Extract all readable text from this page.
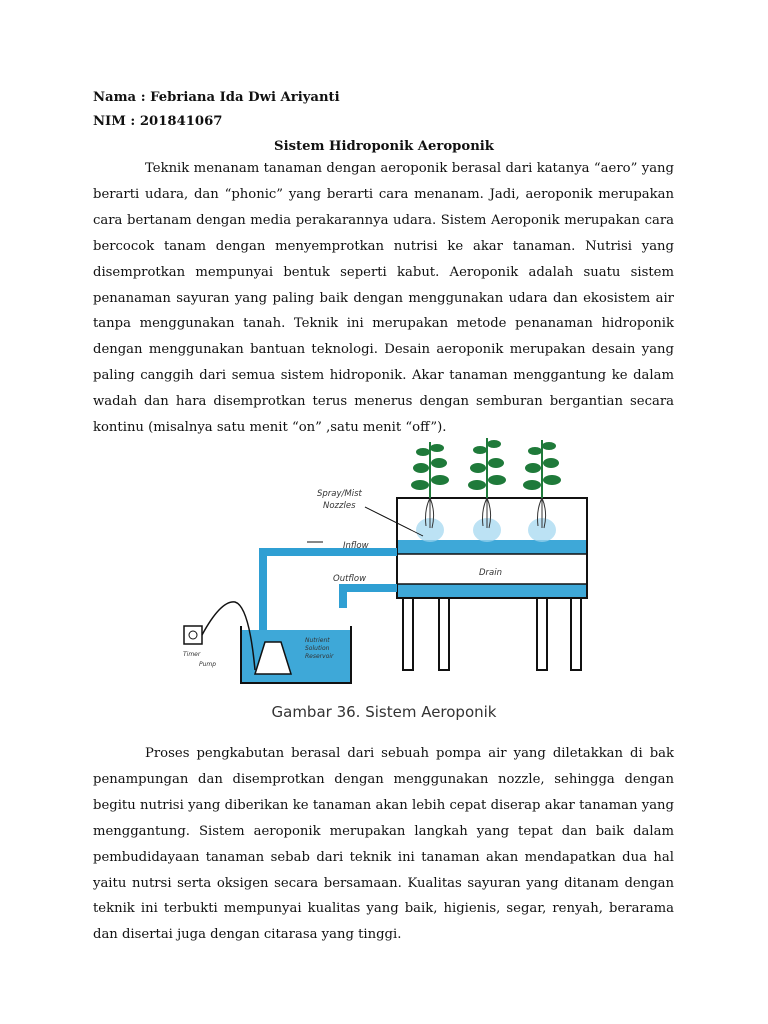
Nama : Febriana Ida Dwi Ariyanti
NIM : 201841067
Sistem Hidroponik Aeroponik

Teknik menanam tanaman dengan aeroponik berasal dari katanya “aero” yang berarti udara, dan “phonic” yang berarti cara menanam. Jadi, aeroponik merupakan cara bertanam dengan media perakarannya udara. Sistem Aeroponik merupakan cara bercocok tanam dengan menyemprotkan nutrisi ke akar tanaman. Nutrisi yang disemprotkan mempunyai bentuk seperti kabut. Aeroponik adalah suatu sistem penanaman sayuran yang paling baik dengan menggunakan udara dan ekosistem air tanpa menggunakan tanah. Teknik ini merupakan metode penanaman hidroponik dengan menggunakan bantuan teknologi. Desain aeroponik merupakan desain yang paling canggih dari semua sistem hidroponik. Akar tanaman menggantung ke dalam wadah dan hara disemprotkan terus menerus dengan semburan bergantian secara kontinu (misalnya satu menit “on” ,satu menit “off”).

Spray/Mist
Nozzles
Inflow
Outflow
Drain
Timer
Pump
Nutrient
Solution
Reservoir
Gambar 36. Sistem Aeroponik

Proses pengkabutan berasal dari sebuah pompa air yang diletakkan di bak penampungan dan disemprotkan dengan menggunakan nozzle, sehingga dengan begitu nutrisi yang diberikan ke tanaman akan lebih cepat diserap akar tanaman yang menggantung. Sistem aeroponik merupakan langkah yang tepat dan baik dalam pembudidayaan tanaman sebab dari teknik ini tanaman akan mendapatkan dua hal yaitu nutrsi serta oksigen secara bersamaan. Kualitas sayuran yang ditanam dengan teknik ini terbukti mempunyai kualitas yang baik, higienis, segar, renyah, berarama dan disertai juga dengan citarasa yang tinggi.
